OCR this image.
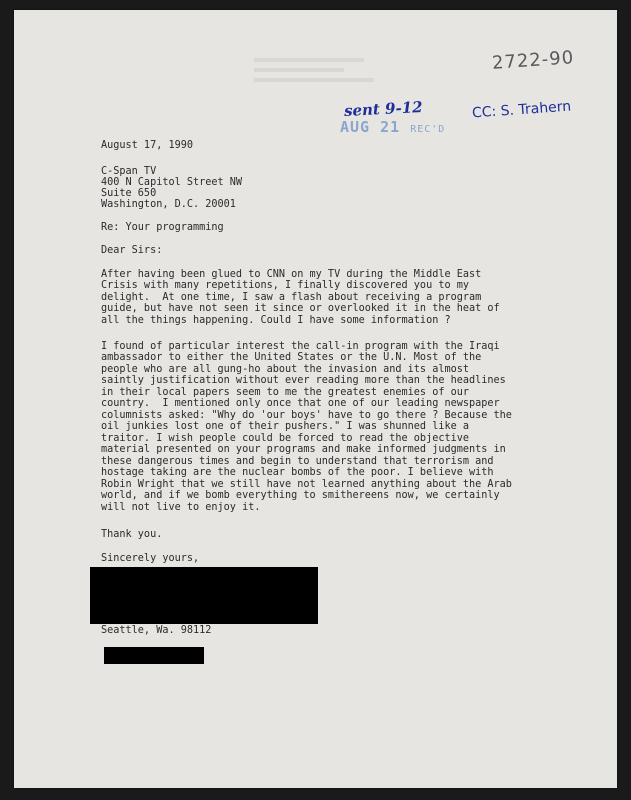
2722-90
sent 9-12	CC: S. Trahern
AUG 21 REC'D
August 17, 1990
C-Span TV
400 N Capitol Street NW
Suite 650
Washington, D.C. 20001
Re: Your programming
Dear Sirs:
After having been glued to CNN on my TV during the Middle East
Crisis with many repetitions, I finally discovered you to my
delight.  At one time, I saw a flash about receiving a program
guide, but have not seen it since or overlooked it in the heat of
all the things happening. Could I have some information ?
I found of particular interest the call-in program with the Iraqi
ambassador to either the United States or the U.N. Most of the
people who are all gung-ho about the invasion and its almost
saintly justification without ever reading more than the headlines
in their local papers seem to me the greatest enemies of our
country.  I mentioned only once that one of our leading newspaper
columnists asked: "Why do 'our boys' have to go there ? Because the
oil junkies lost one of their pushers." I was shunned like a
traitor. I wish people could be forced to read the objective
material presented on your programs and make informed judgments in
these dangerous times and begin to understand that terrorism and
hostage taking are the nuclear bombs of the poor. I believe with
Robin Wright that we still have not learned anything about the Arab
world, and if we bomb everything to smithereens now, we certainly
will not live to enjoy it.
Thank you.
Sincerely yours,
Seattle, Wa. 98112
